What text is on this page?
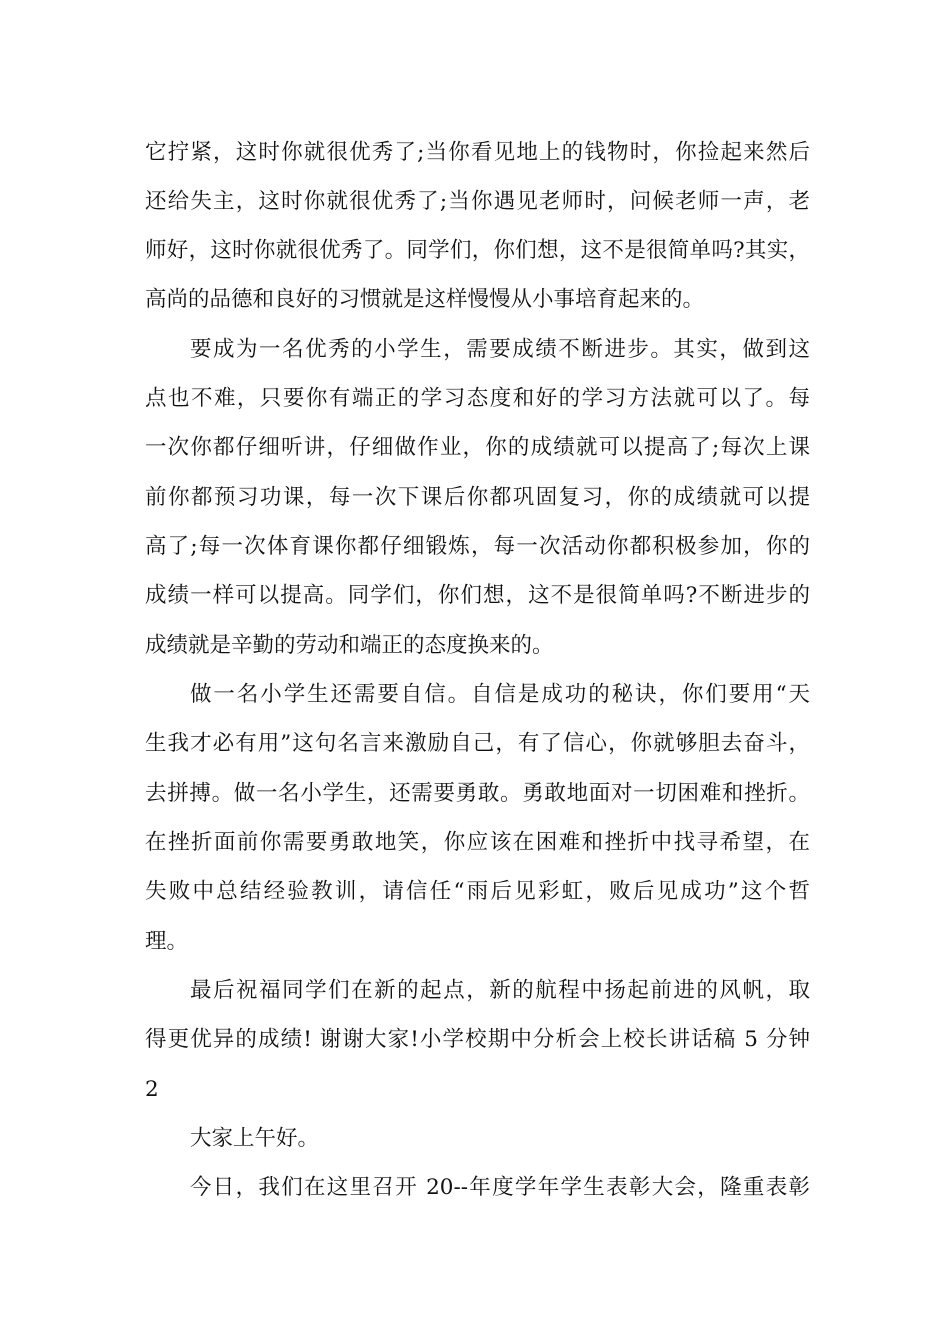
它拧紧，这时你就很优秀了;当你看见地上的钱物时，你捡起来然后
还给失主，这时你就很优秀了;当你遇见老师时，问候老师一声，老
师好，这时你就很优秀了。同学们，你们想，这不是很简单吗?其实，
高尚的品德和良好的习惯就是这样慢慢从小事培育起来的。
要成为一名优秀的小学生，需要成绩不断进步。其实，做到这
点也不难，只要你有端正的学习态度和好的学习方法就可以了。每
一次你都仔细听讲，仔细做作业，你的成绩就可以提高了;每次上课
前你都预习功课，每一次下课后你都巩固复习，你的成绩就可以提
高了;每一次体育课你都仔细锻炼，每一次活动你都积极参加，你的
成绩一样可以提高。同学们，你们想，这不是很简单吗?不断进步的
成绩就是辛勤的劳动和端正的态度换来的。
做一名小学生还需要自信。自信是成功的秘诀，你们要用“天
生我才必有用”这句名言来激励自己，有了信心，你就够胆去奋斗，
去拼搏。做一名小学生，还需要勇敢。勇敢地面对一切困难和挫折。
在挫折面前你需要勇敢地笑，你应该在困难和挫折中找寻希望，在
失败中总结经验教训，请信任“雨后见彩虹，败后见成功”这个哲
理。
最后祝福同学们在新的起点，新的航程中扬起前进的风帆，取
得更优异的成绩! 谢谢大家!小学校期中分析会上校长讲话稿 5 分钟
2
大家上午好。
今日，我们在这里召开 20--年度学年学生表彰大会，隆重表彰
